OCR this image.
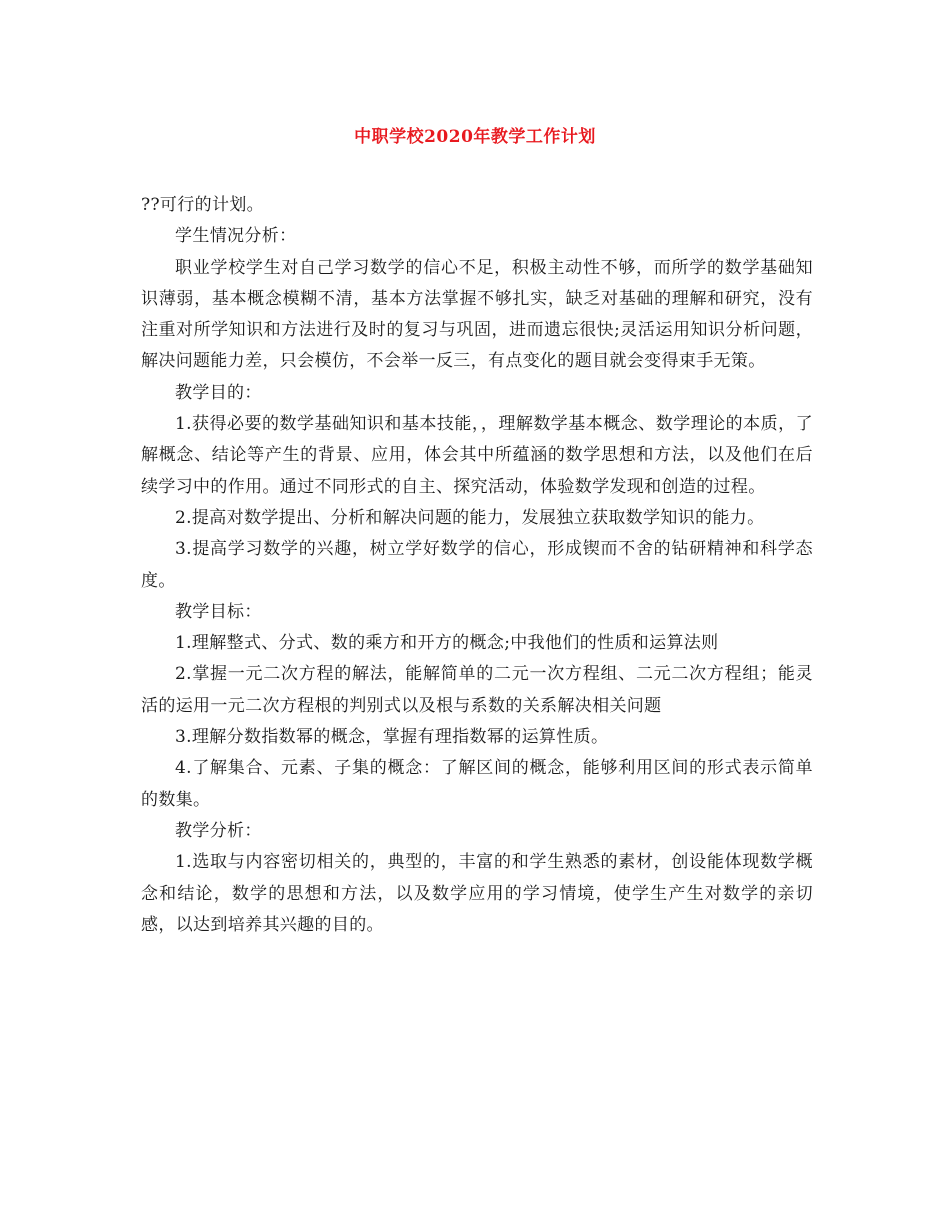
中职学校2020年教学工作计划

??可行的计划。

学生情况分析：

职业学校学生对自己学习数学的信心不足，积极主动性不够，而所学的数学基础知识薄弱，基本概念模糊不清，基本方法掌握不够扎实，缺乏对基础的理解和研究，没有注重对所学知识和方法进行及时的复习与巩固，进而遗忘很快;灵活运用知识分析问题，解决问题能力差，只会模仿，不会举一反三，有点变化的题目就会变得束手无策。

教学目的：

1.获得必要的数学基础知识和基本技能，，理解数学基本概念、数学理论的本质，了解概念、结论等产生的背景、应用，体会其中所蕴涵的数学思想和方法，以及他们在后续学习中的作用。通过不同形式的自主、探究活动，体验数学发现和创造的过程。

2.提高对数学提出、分析和解决问题的能力，发展独立获取数学知识的能力。

3.提高学习数学的兴趣，树立学好数学的信心，形成锲而不舍的钻研精神和科学态度。

教学目标：

1.理解整式、分式、数的乘方和开方的概念;中我他们的性质和运算法则

2.掌握一元二次方程的解法，能解简单的二元一次方程组、二元二次方程组；能灵活的运用一元二次方程根的判别式以及根与系数的关系解决相关问题

3.理解分数指数幂的概念，掌握有理指数幂的运算性质。

4.了解集合、元素、子集的概念：了解区间的概念，能够利用区间的形式表示简单的数集。

教学分析：

1.选取与内容密切相关的，典型的，丰富的和学生熟悉的素材，创设能体现数学概念和结论，数学的思想和方法，以及数学应用的学习情境，使学生产生对数学的亲切感，以达到培养其兴趣的目的。
